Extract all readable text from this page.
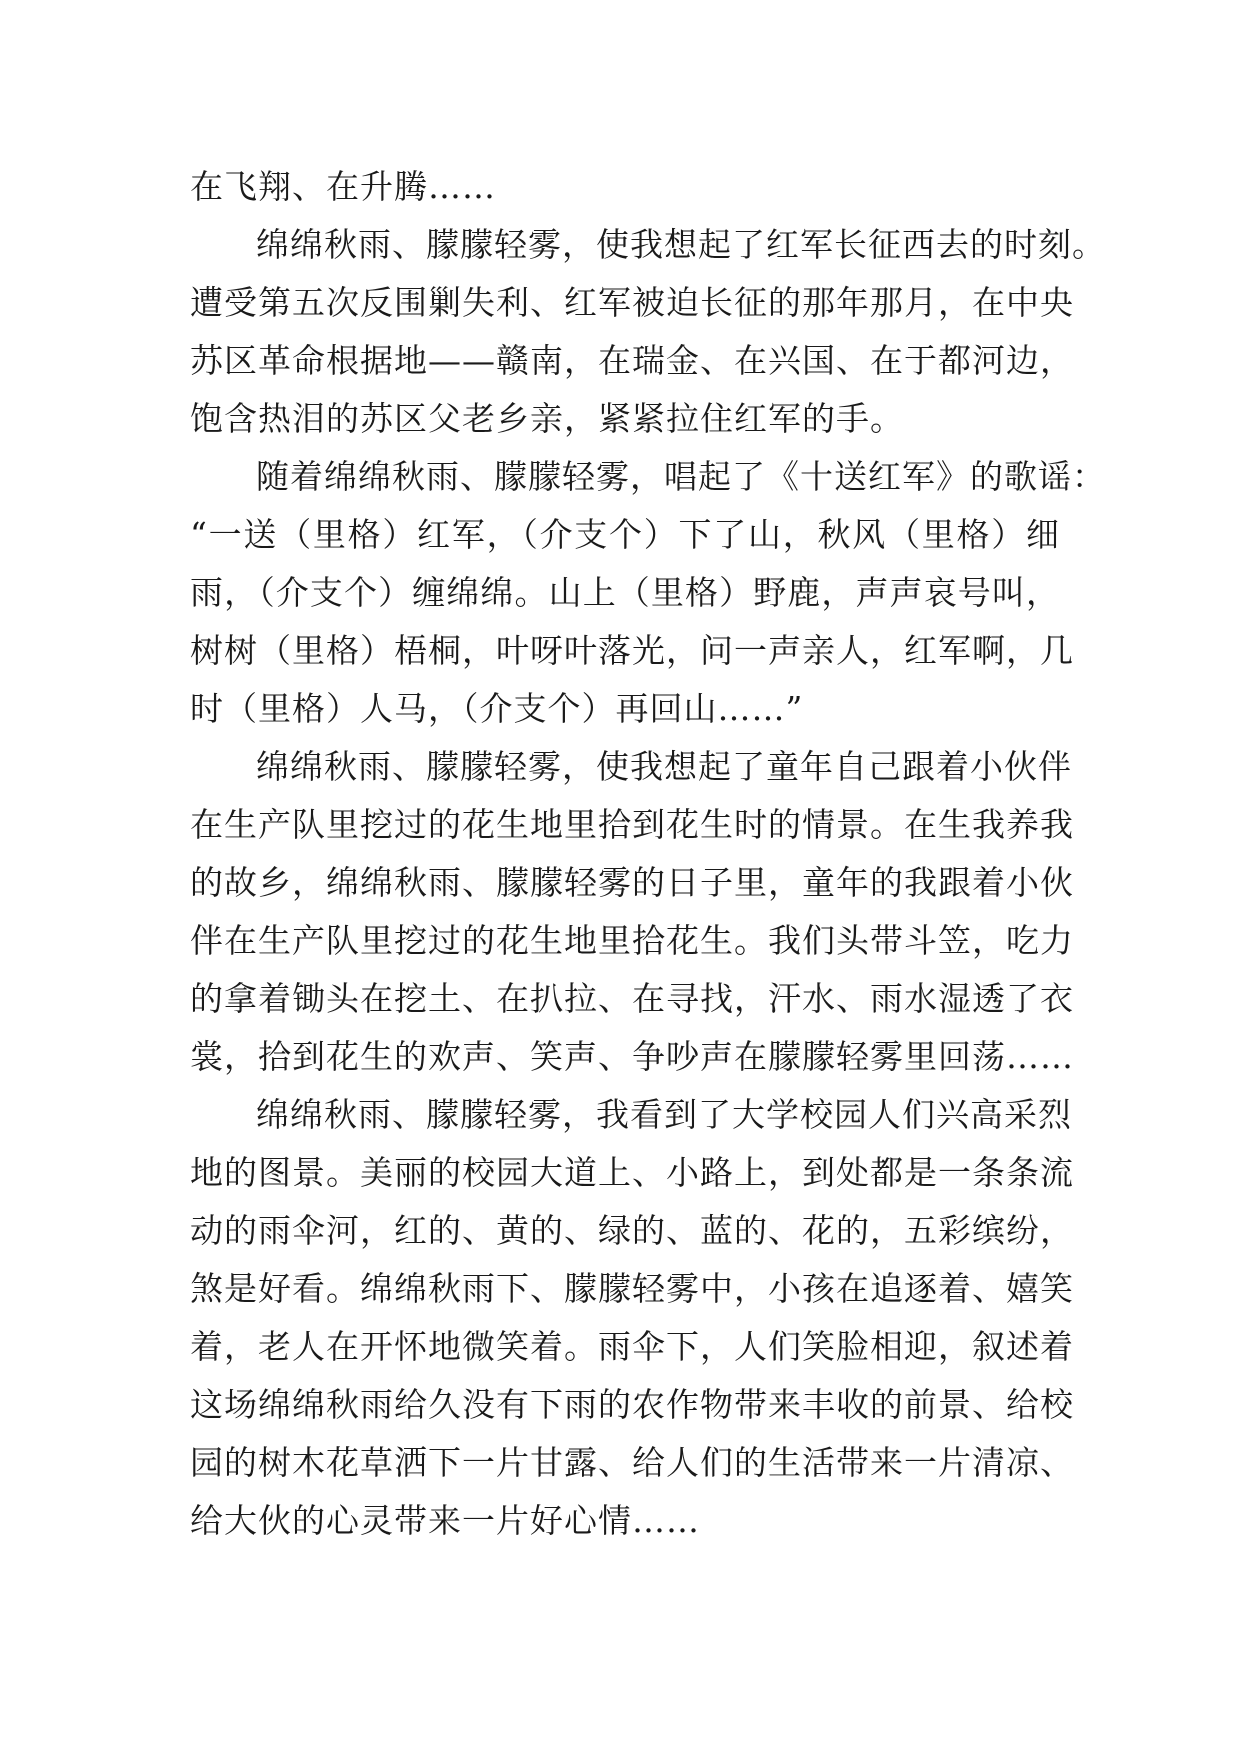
在飞翔、在升腾……
绵绵秋雨、朦朦轻雾，使我想起了红军长征西去的时刻。
遭受第五次反围剿失利、红军被迫长征的那年那月，在中央
苏区革命根据地——赣南，在瑞金、在兴国、在于都河边，
饱含热泪的苏区父老乡亲，紧紧拉住红军的手。
随着绵绵秋雨、朦朦轻雾，唱起了《十送红军》的歌谣：
“一送（里格）红军，（介支个）下了山，秋风（里格）细
雨，（介支个）缠绵绵。山上（里格）野鹿，声声哀号叫，
树树（里格）梧桐，叶呀叶落光，问一声亲人，红军啊，几
时（里格）人马，（介支个）再回山……”
绵绵秋雨、朦朦轻雾，使我想起了童年自己跟着小伙伴
在生产队里挖过的花生地里拾到花生时的情景。在生我养我
的故乡，绵绵秋雨、朦朦轻雾的日子里，童年的我跟着小伙
伴在生产队里挖过的花生地里拾花生。我们头带斗笠，吃力
的拿着锄头在挖土、在扒拉、在寻找，汗水、雨水湿透了衣
裳，拾到花生的欢声、笑声、争吵声在朦朦轻雾里回荡……
绵绵秋雨、朦朦轻雾，我看到了大学校园人们兴高采烈
地的图景。美丽的校园大道上、小路上，到处都是一条条流
动的雨伞河，红的、黄的、绿的、蓝的、花的，五彩缤纷，
煞是好看。绵绵秋雨下、朦朦轻雾中，小孩在追逐着、嬉笑
着，老人在开怀地微笑着。雨伞下，人们笑脸相迎，叙述着
这场绵绵秋雨给久没有下雨的农作物带来丰收的前景、给校
园的树木花草洒下一片甘露、给人们的生活带来一片清凉、
给大伙的心灵带来一片好心情……
